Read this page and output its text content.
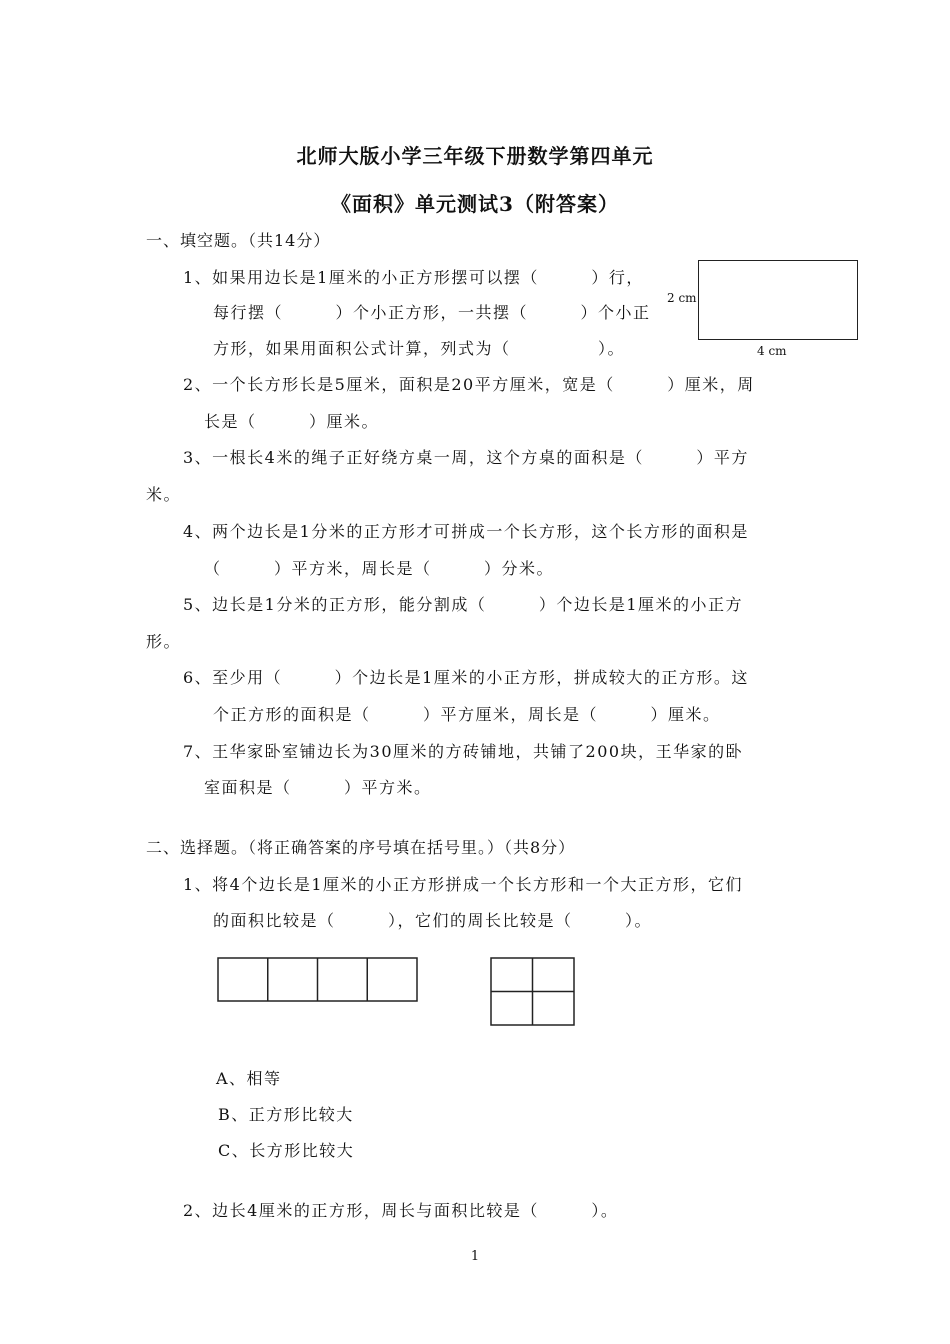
北师大版小学三年级下册数学第四单元
《面积》单元测试3（附答案）
一、填空题。（共14分）
1、如果用边长是1厘米的小正方形摆可以摆（　　　）行，
每行摆（　　　）个小正方形，一共摆（　　　）个小正
方形，如果用面积公式计算，列式为（　　　　　）。
2 cm
4 cm
2、一个长方形长是5厘米，面积是20平方厘米，宽是（　　　）厘米，周
长是（　　　）厘米。
3、一根长4米的绳子正好绕方桌一周，这个方桌的面积是（　　　）平方
米。
4、两个边长是1分米的正方形才可拼成一个长方形，这个长方形的面积是
（　　　）平方米，周长是（　　　）分米。
5、边长是1分米的正方形，能分割成（　　　）个边长是1厘米的小正方
形。
6、至少用（　　　）个边长是1厘米的小正方形，拼成较大的正方形。这
个正方形的面积是（　　　）平方厘米，周长是（　　　）厘米。
7、王华家卧室铺边长为30厘米的方砖铺地，共铺了200块，王华家的卧
室面积是（　　　）平方米。
二、选择题。（将正确答案的序号填在括号里。）（共8分）
1、将4个边长是1厘米的小正方形拼成一个长方形和一个大正方形，它们
的面积比较是（　　　），它们的周长比较是（　　　）。
A、相等
B、正方形比较大
C、长方形比较大
2、边长4厘米的正方形，周长与面积比较是（　　　）。
1
